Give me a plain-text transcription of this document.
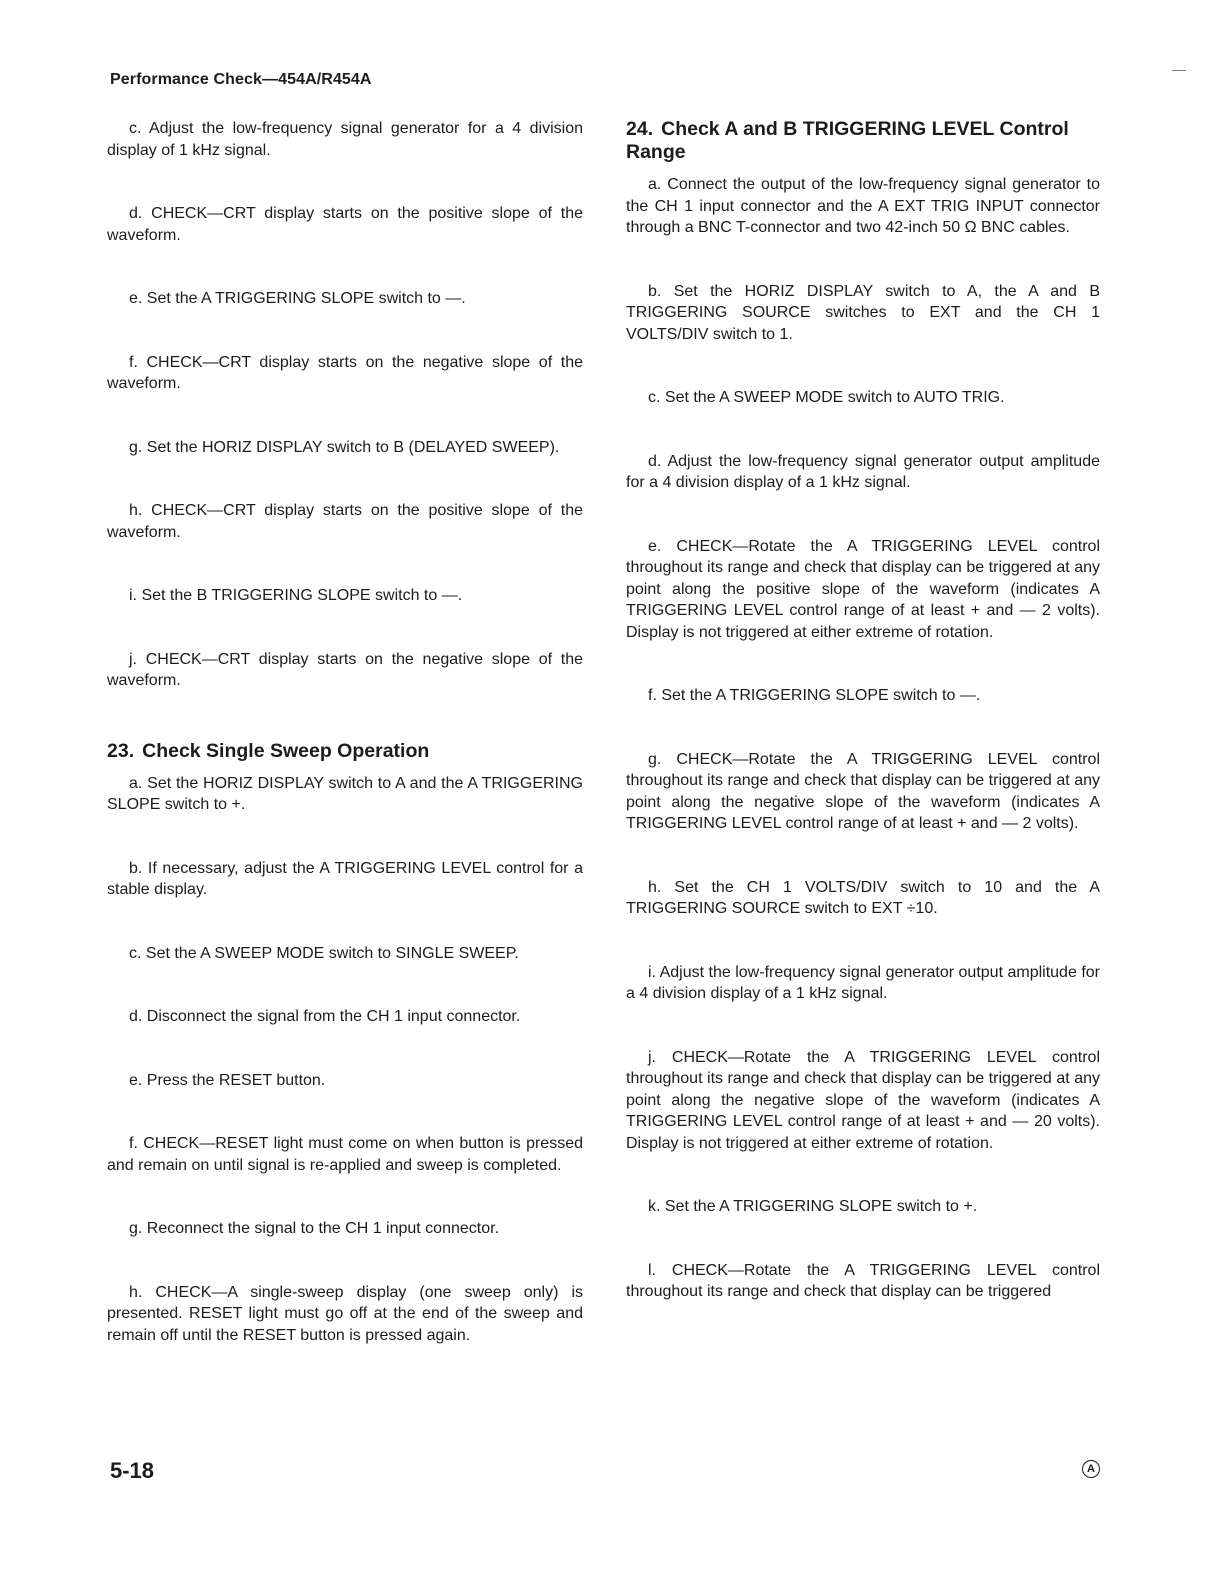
Performance Check—454A/R454A

c. Adjust the low-frequency signal generator for a 4 division display of 1 kHz signal.

d. CHECK—CRT display starts on the positive slope of the waveform.

e. Set the A TRIGGERING SLOPE switch to —.

f. CHECK—CRT display starts on the negative slope of the waveform.

g. Set the HORIZ DISPLAY switch to B (DELAYED SWEEP).

h. CHECK—CRT display starts on the positive slope of the waveform.

i. Set the B TRIGGERING SLOPE switch to —.

j. CHECK—CRT display starts on the negative slope of the waveform.

23. Check Single Sweep Operation

a. Set the HORIZ DISPLAY switch to A and the A TRIGGERING SLOPE switch to +.

b. If necessary, adjust the A TRIGGERING LEVEL control for a stable display.

c. Set the A SWEEP MODE switch to SINGLE SWEEP.

d. Disconnect the signal from the CH 1 input connector.

e. Press the RESET button.

f. CHECK—RESET light must come on when button is pressed and remain on until signal is re-applied and sweep is completed.

g. Reconnect the signal to the CH 1 input connector.

h. CHECK—A single-sweep display (one sweep only) is presented. RESET light must go off at the end of the sweep and remain off until the RESET button is pressed again.

24. Check A and B TRIGGERING LEVEL Control Range

a. Connect the output of the low-frequency signal generator to the CH 1 input connector and the A EXT TRIG INPUT connector through a BNC T-connector and two 42-inch 50 Ω BNC cables.

b. Set the HORIZ DISPLAY switch to A, the A and B TRIGGERING SOURCE switches to EXT and the CH 1 VOLTS/DIV switch to 1.

c. Set the A SWEEP MODE switch to AUTO TRIG.

d. Adjust the low-frequency signal generator output amplitude for a 4 division display of a 1 kHz signal.

e. CHECK—Rotate the A TRIGGERING LEVEL control throughout its range and check that display can be triggered at any point along the positive slope of the waveform (indicates A TRIGGERING LEVEL control range of at least + and — 2 volts). Display is not triggered at either extreme of rotation.

f. Set the A TRIGGERING SLOPE switch to —.

g. CHECK—Rotate the A TRIGGERING LEVEL control throughout its range and check that display can be triggered at any point along the negative slope of the waveform (indicates A TRIGGERING LEVEL control range of at least + and — 2 volts).

h. Set the CH 1 VOLTS/DIV switch to 10 and the A TRIGGERING SOURCE switch to EXT ÷10.

i. Adjust the low-frequency signal generator output amplitude for a 4 division display of a 1 kHz signal.

j. CHECK—Rotate the A TRIGGERING LEVEL control throughout its range and check that display can be triggered at any point along the negative slope of the waveform (indicates A TRIGGERING LEVEL control range of at least + and — 20 volts). Display is not triggered at either extreme of rotation.

k. Set the A TRIGGERING SLOPE switch to +.

l. CHECK—Rotate the A TRIGGERING LEVEL control throughout its range and check that display can be triggered

5-18	A
